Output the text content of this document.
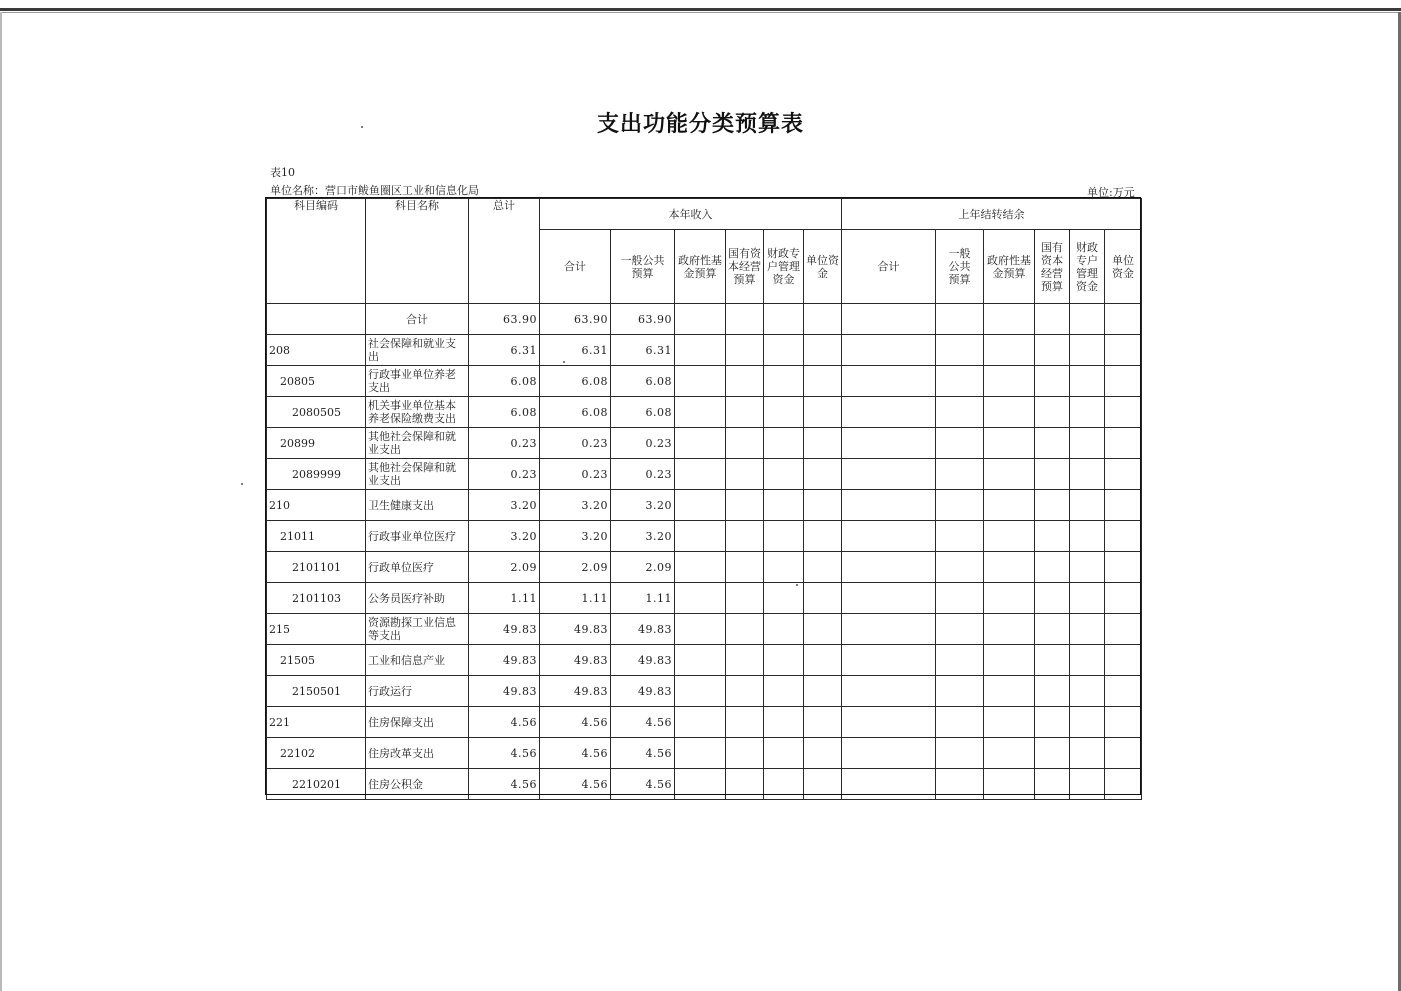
支出功能分类预算表
表10
单位名称：营口市鲅鱼圈区工业和信息化局	单位:万元
科目编码	科目名称	总计	本年收入						上年结转结余					
			合计	一般公共预算	政府性基金预算	国有资本经营预算	财政专户管理资金	单位资金	合计	一般公共预算	政府性基金预算	国有资本经营预算	财政专户管理资金	单位资金
	合计	63.90	63.90	63.90										
208	社会保障和就业支出	6.31	6.31	6.31										
20805	行政事业单位养老支出	6.08	6.08	6.08										
2080505	机关事业单位基本养老保险缴费支出	6.08	6.08	6.08										
20899	其他社会保障和就业支出	0.23	0.23	0.23										
2089999	其他社会保障和就业支出	0.23	0.23	0.23										
210	卫生健康支出	3.20	3.20	3.20										
21011	行政事业单位医疗	3.20	3.20	3.20										
2101101	行政单位医疗	2.09	2.09	2.09										
2101103	公务员医疗补助	1.11	1.11	1.11										
215	资源勘探工业信息等支出	49.83	49.83	49.83										
21505	工业和信息产业	49.83	49.83	49.83										
2150501	行政运行	49.83	49.83	49.83										
221	住房保障支出	4.56	4.56	4.56										
22102	住房改革支出	4.56	4.56	4.56										
2210201	住房公积金	4.56	4.56	4.56										
